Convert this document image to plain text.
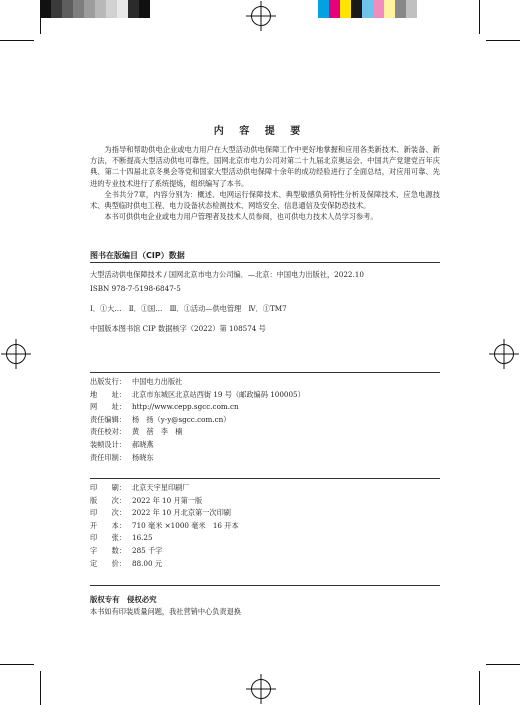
内 容 提 要

为指导和帮助供电企业或电力用户在大型活动供电保障工作中更好地掌握和应用各类新技术、新装备、新方法，不断提高大型活动供电可靠性，国网北京市电力公司对第二十九届北京奥运会、中国共产党建党百年庆典、第二十四届北京冬奥会等党和国家大型活动供电保障十余年的成功经验进行了全面总结，对应用可靠、先进的专业技术进行了系统提炼，组织编写了本书。

全书共分7章，内容分别为：概述、电网运行保障技术、典型敏感负荷特性分析及保障技术、应急电源技术、典型临时供电工程、电力设备状态检测技术、网络安全、信息通信及安保防恐技术。

本书可供供电企业或电力用户管理者及技术人员参阅，也可供电力技术人员学习参考。

图书在版编目（CIP）数据
大型活动供电保障技术 / 国网北京市电力公司编．—北京：中国电力出版社，2022.10
ISBN 978-7-5198-6847-5
Ⅰ．①大…　Ⅱ．①国…　Ⅲ．①活动—供电管理　Ⅳ．①TM7
中国版本图书馆 CIP 数据核字（2022）第 108574 号
出版发行： 中国电力出版社
地　　址： 北京市东城区北京站西街 19 号（邮政编码 100005）
网　　址： http://www.cepp.sgcc.com.cn
责任编辑： 杨　扬（y-y@sgcc.com.cn）
责任校对： 黄　蓓　李　楠
装帧设计： 郝晓燕
责任印制： 杨晓东
印　　刷： 北京天宇星印刷厂
版　　次： 2022 年 10 月第一版
印　　次： 2022 年 10 月北京第一次印刷
开　　本： 710 毫米 ×1000 毫米　16 开本
印　　张： 16.25
字　　数： 285 千字
定　　价： 88.00 元
版权专有　侵权必究
本书如有印装质量问题，我社营销中心负责退换
